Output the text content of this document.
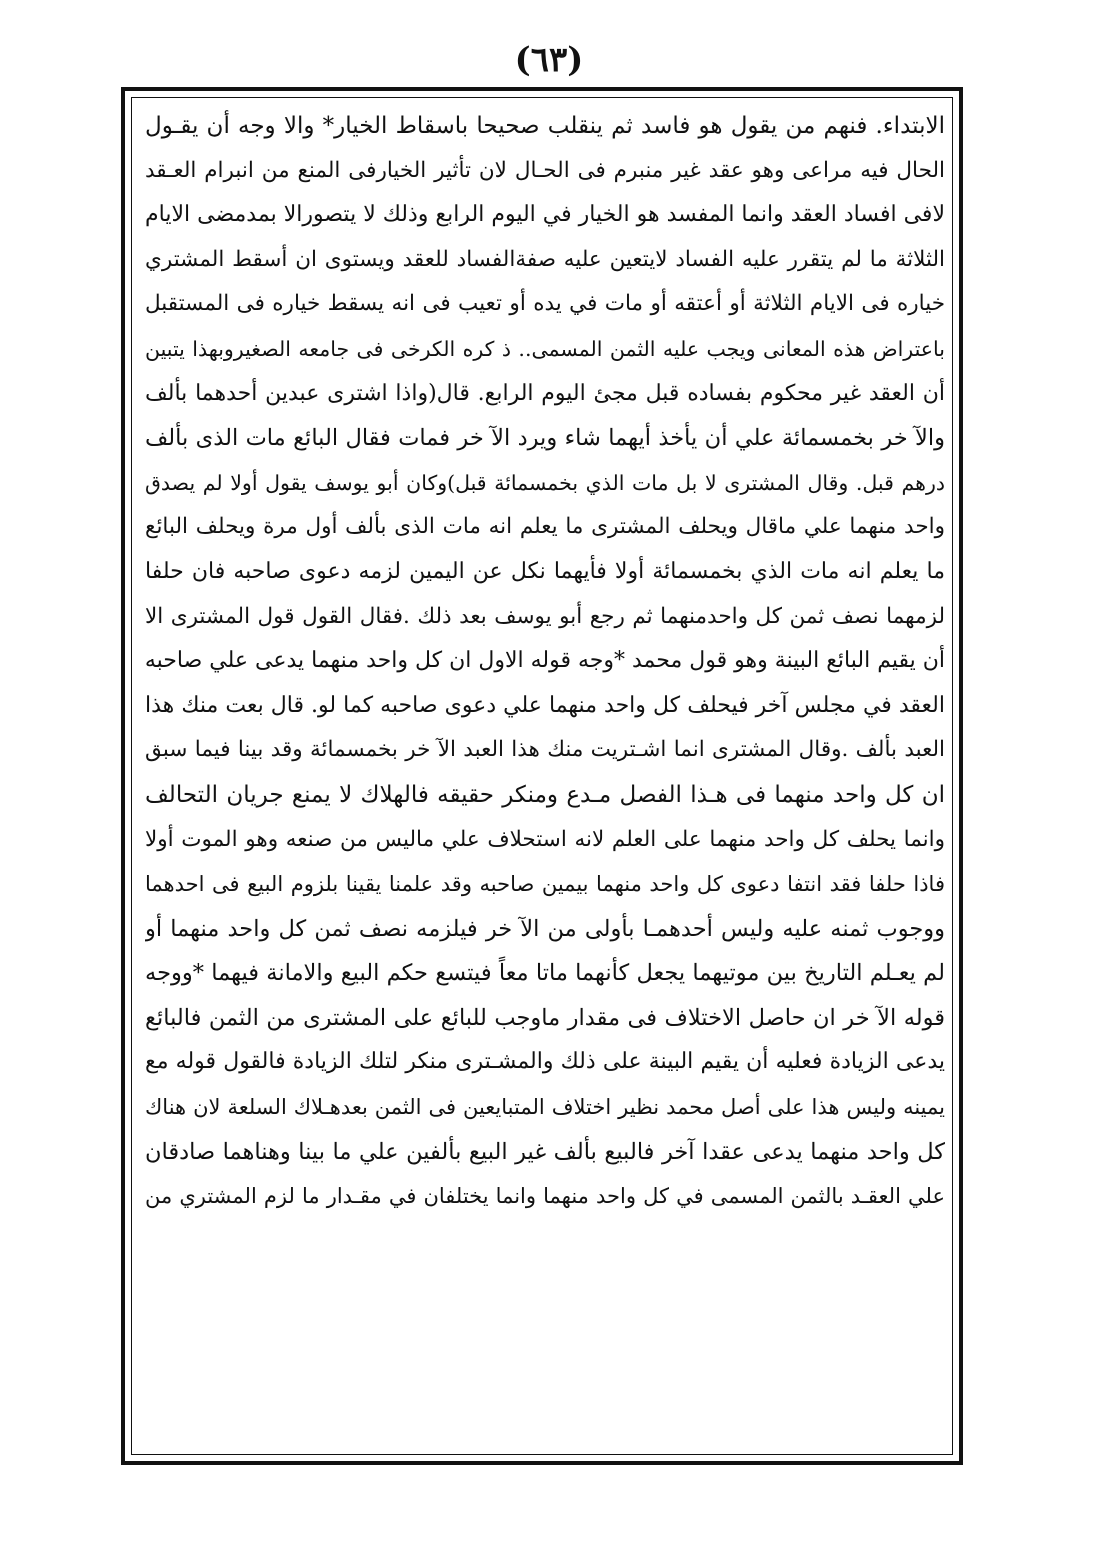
(٦٣)
الابتداء. فنهم من يقول هو فاسد ثم ينقلب صحيحا باسقاط الخيار* والا وجه أن يقـول
الحال فيه مراعى وهو عقد غير منبرم فى الحـال لان تأثير الخيارفى المنع من انبرام العـقد
لافى افساد العقد وانما المفسد هو الخيار في اليوم الرابع وذلك لا يتصورالا بمدمضى الايام
الثلاثة ما لم يتقرر عليه الفساد لايتعين عليه صفةالفساد للعقد ويستوى ان أسقط المشتري
خياره فى الايام الثلاثة أو أعتقه أو مات في يده أو تعيب فى انه يسقط خياره فى المستقبل
باعتراض هذه المعانى ويجب عليه الثمن المسمى.. ذ كره الكرخى فى جامعه الصغيروبهذا يتبين
أن العقد غير محكوم بفساده قبل مجئ اليوم الرابع. قال(واذا اشترى عبدين أحدهما بألف
والآ خر بخمسمائة علي أن يأخذ أيهما شاء ويرد الآ خر فمات فقال البائع مات الذى بألف
درهم قبل. وقال المشترى لا بل مات الذي بخمسمائة قبل)وكان أبو يوسف يقول أولا لم يصدق
واحد منهما علي ماقال ويحلف المشترى ما يعلم انه مات الذى بألف أول مرة ويحلف البائع
ما يعلم انه مات الذي بخمسمائة أولا فأيهما نكل عن اليمين لزمه دعوى صاحبه فان حلفا
لزمهما نصف ثمن كل واحدمنهما ثم رجع أبو يوسف بعد ذلك .فقال القول قول المشترى الا
أن يقيم البائع البينة وهو قول محمد *وجه قوله الاول ان كل واحد منهما يدعى علي صاحبه
العقد في مجلس آخر فيحلف كل واحد منهما علي دعوى صاحبه كما لو. قال بعت منك هذا
العبد بألف .وقال المشترى انما اشـتريت منك هذا العبد الآ خر بخمسمائة وقد بينا فيما سبق
ان كل واحد منهما فى هـذا الفصل مـدع ومنكر حقيقه فالهلاك لا يمنع جريان التحالف
وانما يحلف كل واحد منهما على العلم لانه استحلاف علي ماليس من صنعه وهو الموت أولا
فاذا حلفا فقد انتفا دعوى كل واحد منهما بيمين صاحبه وقد علمنا يقينا بلزوم البيع فى احدهما
ووجوب ثمنه عليه وليس أحدهمـا بأولى من الآ خر فيلزمه نصف ثمن كل واحد منهما أو
لم يعـلم التاريخ بين موتيهما يجعل كأنهما ماتا معاً فيتسع حكم البيع والامانة فيهما *ووجه
قوله الآ خر ان حاصل الاختلاف فى مقدار ماوجب للبائع على المشترى من الثمن فالبائع
يدعى الزيادة فعليه أن يقيم البينة على ذلك والمشـترى منكر لتلك الزيادة فالقول قوله مع
يمينه وليس هذا على أصل محمد نظير اختلاف المتبايعين فى الثمن بعدهـلاك السلعة لان هناك
كل واحد منهما يدعى عقدا آخر فالبيع بألف غير البيع بألفين علي ما بينا وهناهما صادقان
علي العقـد بالثمن المسمى في كل واحد منهما وانما يختلفان في مقـدار ما لزم المشتري من
